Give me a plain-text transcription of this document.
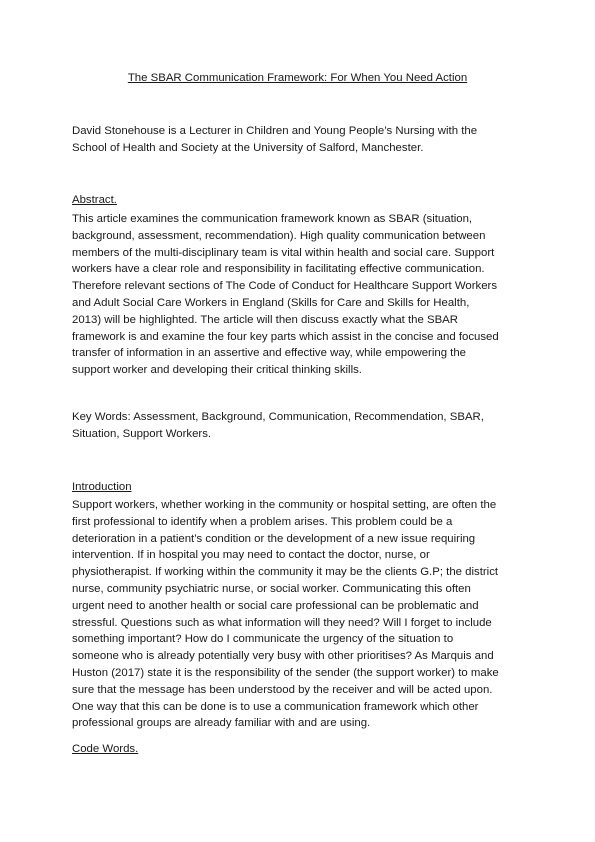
The SBAR Communication Framework: For When You Need Action
David Stonehouse is a Lecturer in Children and Young People’s Nursing with the
School of Health and Society at the University of Salford, Manchester.
Abstract.
This article examines the communication framework known as SBAR (situation,
background, assessment, recommendation). High quality communication between
members of the multi-disciplinary team is vital within health and social care. Support
workers have a clear role and responsibility in facilitating effective communication.
Therefore relevant sections of The Code of Conduct for Healthcare Support Workers
and Adult Social Care Workers in England (Skills for Care and Skills for Health,
2013) will be highlighted. The article will then discuss exactly what the SBAR
framework is and examine the four key parts which assist in the concise and focused
transfer of information in an assertive and effective way, while empowering the
support worker and developing their critical thinking skills.
Key Words: Assessment, Background, Communication, Recommendation, SBAR,
Situation, Support Workers.
Introduction
Support workers, whether working in the community or hospital setting, are often the
first professional to identify when a problem arises. This problem could be a
deterioration in a patient’s condition or the development of a new issue requiring
intervention. If in hospital you may need to contact the doctor, nurse, or
physiotherapist. If working within the community it may be the clients G.P; the district
nurse, community psychiatric nurse, or social worker. Communicating this often
urgent need to another health or social care professional can be problematic and
stressful. Questions such as what information will they need? Will I forget to include
something important? How do I communicate the urgency of the situation to
someone who is already potentially very busy with other prioritises? As Marquis and
Huston (2017) state it is the responsibility of the sender (the support worker) to make
sure that the message has been understood by the receiver and will be acted upon.
One way that this can be done is to use a communication framework which other
professional groups are already familiar with and are using.
Code Words.
